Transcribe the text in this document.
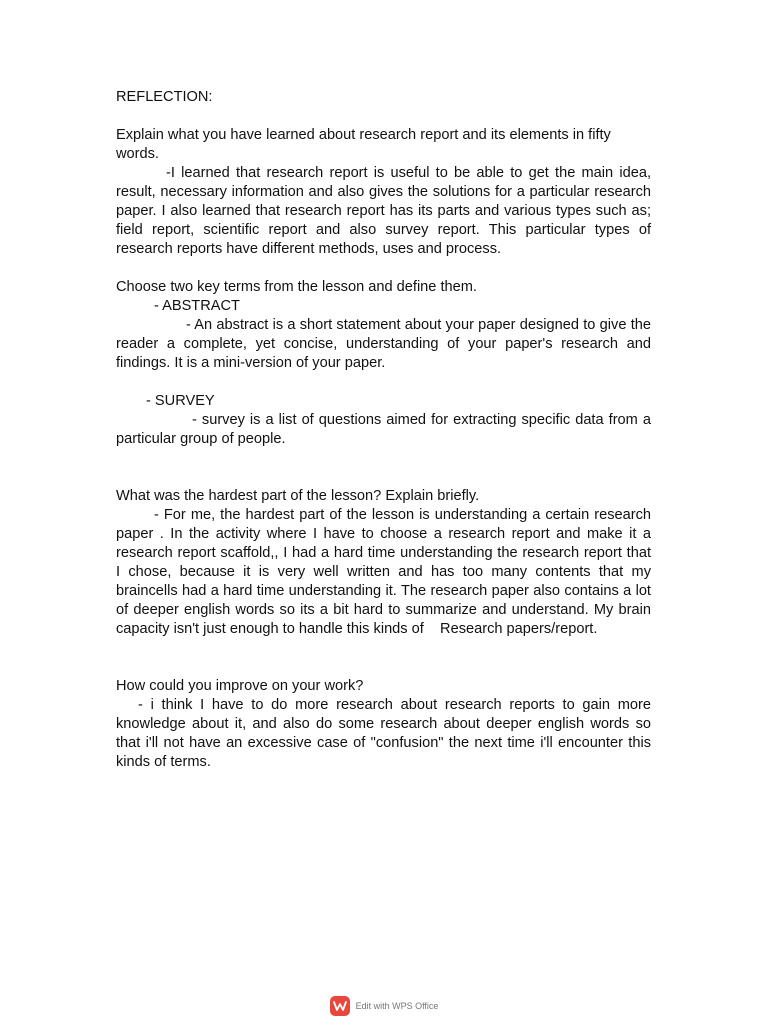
REFLECTION:

Explain what you have learned about research report and its elements in fifty words.

-I learned that research report is useful to be able to get the main idea, result, necessary information and also gives the solutions for a particular research paper. I also learned that research report has its parts and various types such as; field report, scientific report and also survey report. This particular types of research reports have different methods, uses and process.

Choose two key terms from the lesson and define them.

- ABSTRACT

- An abstract is a short statement about your paper designed to give the reader a complete, yet concise, understanding of your paper's research and findings. It is a mini-version of your paper.

- SURVEY

- survey is a list of questions aimed for extracting specific data from a particular group of people.

What was the hardest part of the lesson? Explain briefly.

- For me, the hardest part of the lesson is understanding a certain research paper . In the activity where I have to choose a research report and make it a research report scaffold,, I had a hard time understanding the research report that I chose, because it is very well written and has too many contents that my braincells had a hard time understanding it. The research paper also contains a lot of deeper english words so its a bit hard to summarize and understand. My brain capacity isn't just enough to handle this kinds of    Research papers/report.

How could you improve on your work?

- i think I have to do more research about research reports to gain more knowledge about it, and also do some research about deeper english words so that i'll not have an excessive case of "confusion" the next time i'll encounter this kinds of terms.

Edit with WPS Office
